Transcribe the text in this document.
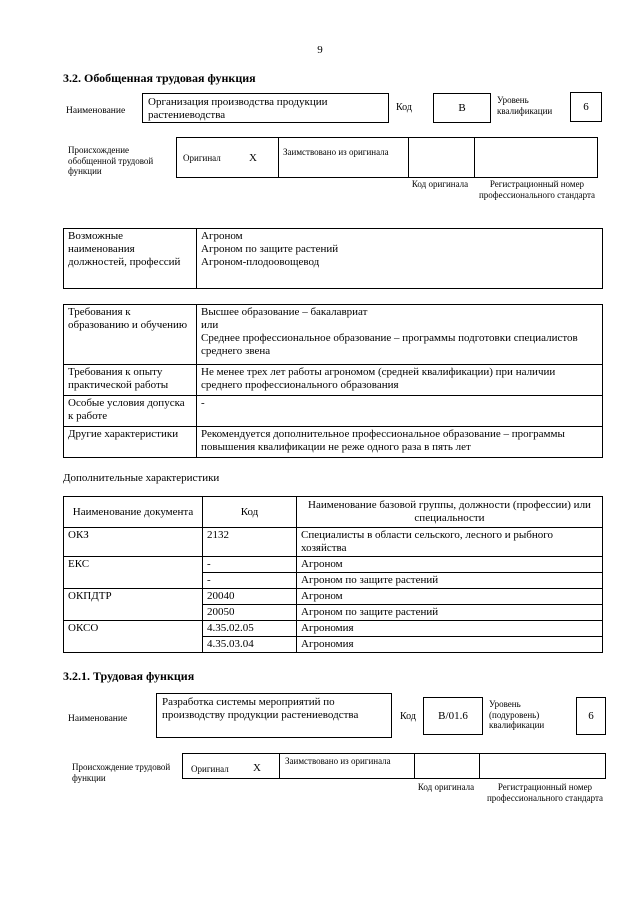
9
3.2. Обобщенная трудовая функция
Наименование
Организация производства продукции растениеводства
Код	B
Уровень квалификации	6
Происхождение обобщенной трудовой функции
Оригинал	X	Заимствовано из оригинала
Код оригинала	Регистрационный номер профессионального стандарта
Возможные наименования должностей, профессий	
Агроном
Агроном по защите растений
Агроном-плодоовощевод
Требования к образованию и обучению	Высшее образование – бакалавриат
или
Среднее профессиональное образование – программы подготовки специалистов среднего звена
Требования к опыту практической работы	Не менее трех лет работы агрономом (средней квалификации) при наличии среднего профессионального образования
Особые условия допуска к работе	-
Другие характеристики	Рекомендуется дополнительное профессиональное образование – программы повышения квалификации не реже одного раза в пять лет
Дополнительные характеристики
Наименование документа	Код	Наименование базовой группы, должности (профессии) или специальности
ОКЗ	2132	Специалисты в области сельского, лесного и рыбного хозяйства
ЕКС	-	Агроном
	-	Агроном по защите растений
ОКПДТР	20040	Агроном
	20050	Агроном по защите растений
ОКСО	4.35.02.05	Агрономия
	4.35.03.04	Агрономия
3.2.1. Трудовая функция
Наименование
Разработка системы мероприятий по производству продукции растениеводства	Код	B/01.6
Уровень (подуровень) квалификации
6
Происхождение трудовой функции
Оригинал X
Заимствовано из оригинала
Код оригинала	Регистрационный номер профессионального стандарта
